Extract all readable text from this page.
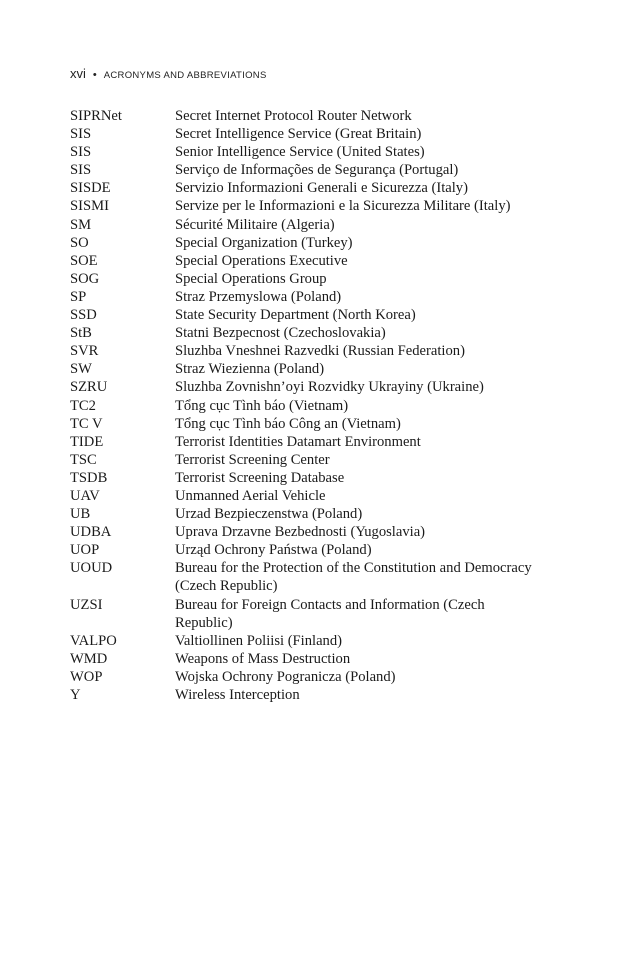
xvi • ACRONYMS AND ABBREVIATIONS
SIPRNet	Secret Internet Protocol Router Network
SIS	Secret Intelligence Service (Great Britain)
SIS	Senior Intelligence Service (United States)
SIS	Serviço de Informações de Segurança (Portugal)
SISDE	Servizio Informazioni Generali e Sicurezza (Italy)
SISMI	Servize per le Informazioni e la Sicurezza Militare (Italy)
SM	Sécurité Militaire (Algeria)
SO	Special Organization (Turkey)
SOE	Special Operations Executive
SOG	Special Operations Group
SP	Straz Przemyslowa (Poland)
SSD	State Security Department (North Korea)
StB	Statni Bezpecnost (Czechoslovakia)
SVR	Sluzhba Vneshnei Razvedki (Russian Federation)
SW	Straz Wiezienna (Poland)
SZRU	Sluzhba Zovnishn’oyi Rozvidky Ukrayiny (Ukraine)
TC2	Tổng cục Tình báo (Vietnam)
TC V	Tổng cục Tình báo Công an (Vietnam)
TIDE	Terrorist Identities Datamart Environment
TSC	Terrorist Screening Center
TSDB	Terrorist Screening Database
UAV	Unmanned Aerial Vehicle
UB	Urzad Bezpieczenstwa (Poland)
UDBA	Uprava Drzavne Bezbednosti (Yugoslavia)
UOP	Urząd Ochrony Państwa (Poland)
UOUD	Bureau for the Protection of the Constitution and Democracy (Czech Republic)
UZSI	Bureau for Foreign Contacts and Information (Czech Republic)
VALPO	Valtiollinen Poliisi (Finland)
WMD	Weapons of Mass Destruction
WOP	Wojska Ochrony Pogranicza (Poland)
Y	Wireless Interception
